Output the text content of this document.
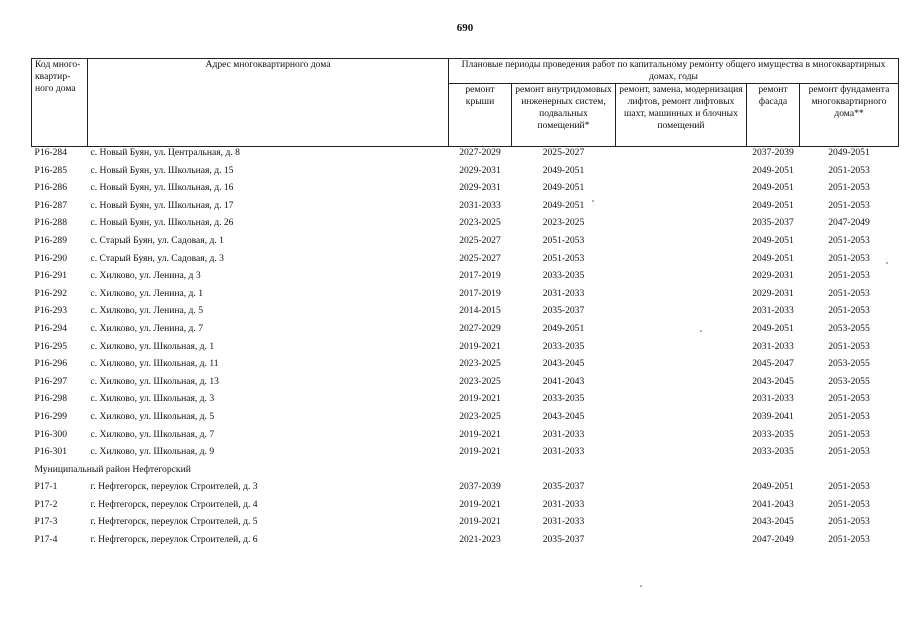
690
Код много-квартир-ного дома	Адрес многоквартирного дома	Плановые периоды проведения работ по капитальному ремонту общего имущества в многоквартирных домах, годы				
		ремонт крыши	ремонт внутридомовых инженерных систем, подвальных помещений*	ремонт, замена, модернизация лифтов, ремонт лифтовых шахт, машинных и блочных помещений	ремонт фасада	ремонт фундамента многоквартирного дома**
Р16-284	с. Новый Буян, ул. Центральная, д. 8	2027-2029	2025-2027		2037-2039	2049-2051
Р16-285	с. Новый Буян, ул. Школьная, д. 15	2029-2031	2049-2051		2049-2051	2051-2053
Р16-286	с. Новый Буян, ул. Школьная, д. 16	2029-2031	2049-2051		2049-2051	2051-2053
Р16-287	с. Новый Буян, ул. Школьная, д. 17	2031-2033	2049-2051		2049-2051	2051-2053
Р16-288	с. Новый Буян, ул. Школьная, д. 26	2023-2025	2023-2025		2035-2037	2047-2049
Р16-289	с. Старый Буян, ул. Садовая, д. 1	2025-2027	2051-2053		2049-2051	2051-2053
Р16-290	с. Старый Буян, ул. Садовая, д. 3	2025-2027	2051-2053		2049-2051	2051-2053
Р16-291	с. Хилково, ул. Ленина, д 3	2017-2019	2033-2035		2029-2031	2051-2053
Р16-292	с. Хилково, ул. Ленина, д. 1	2017-2019	2031-2033		2029-2031	2051-2053
Р16-293	с. Хилково, ул. Ленина, д. 5	2014-2015	2035-2037		2031-2033	2051-2053
Р16-294	с. Хилково, ул. Ленина, д. 7	2027-2029	2049-2051		2049-2051	2053-2055
Р16-295	с. Хилково, ул. Школьная, д. 1	2019-2021	2033-2035		2031-2033	2051-2053
Р16-296	с. Хилково, ул. Школьная, д. 11	2023-2025	2043-2045		2045-2047	2053-2055
Р16-297	с. Хилково, ул. Школьная, д. 13	2023-2025	2041-2043		2043-2045	2053-2055
Р16-298	с. Хилково, ул. Школьная, д. 3	2019-2021	2033-2035		2031-2033	2051-2053
Р16-299	с. Хилково, ул. Школьная, д. 5	2023-2025	2043-2045		2039-2041	2051-2053
Р16-300	с. Хилково, ул. Школьная, д. 7	2019-2021	2031-2033		2033-2035	2051-2053
Р16-301	с. Хилково, ул. Школьная, д. 9	2019-2021	2031-2033		2033-2035	2051-2053
Муниципальный район Нефтегорский						
Р17-1	г. Нефтегорск, переулок Строителей, д. 3	2037-2039	2035-2037		2049-2051	2051-2053
Р17-2	г. Нефтегорск, переулок Строителей, д. 4	2019-2021	2031-2033		2041-2043	2051-2053
Р17-3	г. Нефтегорск, переулок Строителей, д. 5	2019-2021	2031-2033		2043-2045	2051-2053
Р17-4	г. Нефтегорск, переулок Строителей, д. 6	2021-2023	2035-2037		2047-2049	2051-2053
